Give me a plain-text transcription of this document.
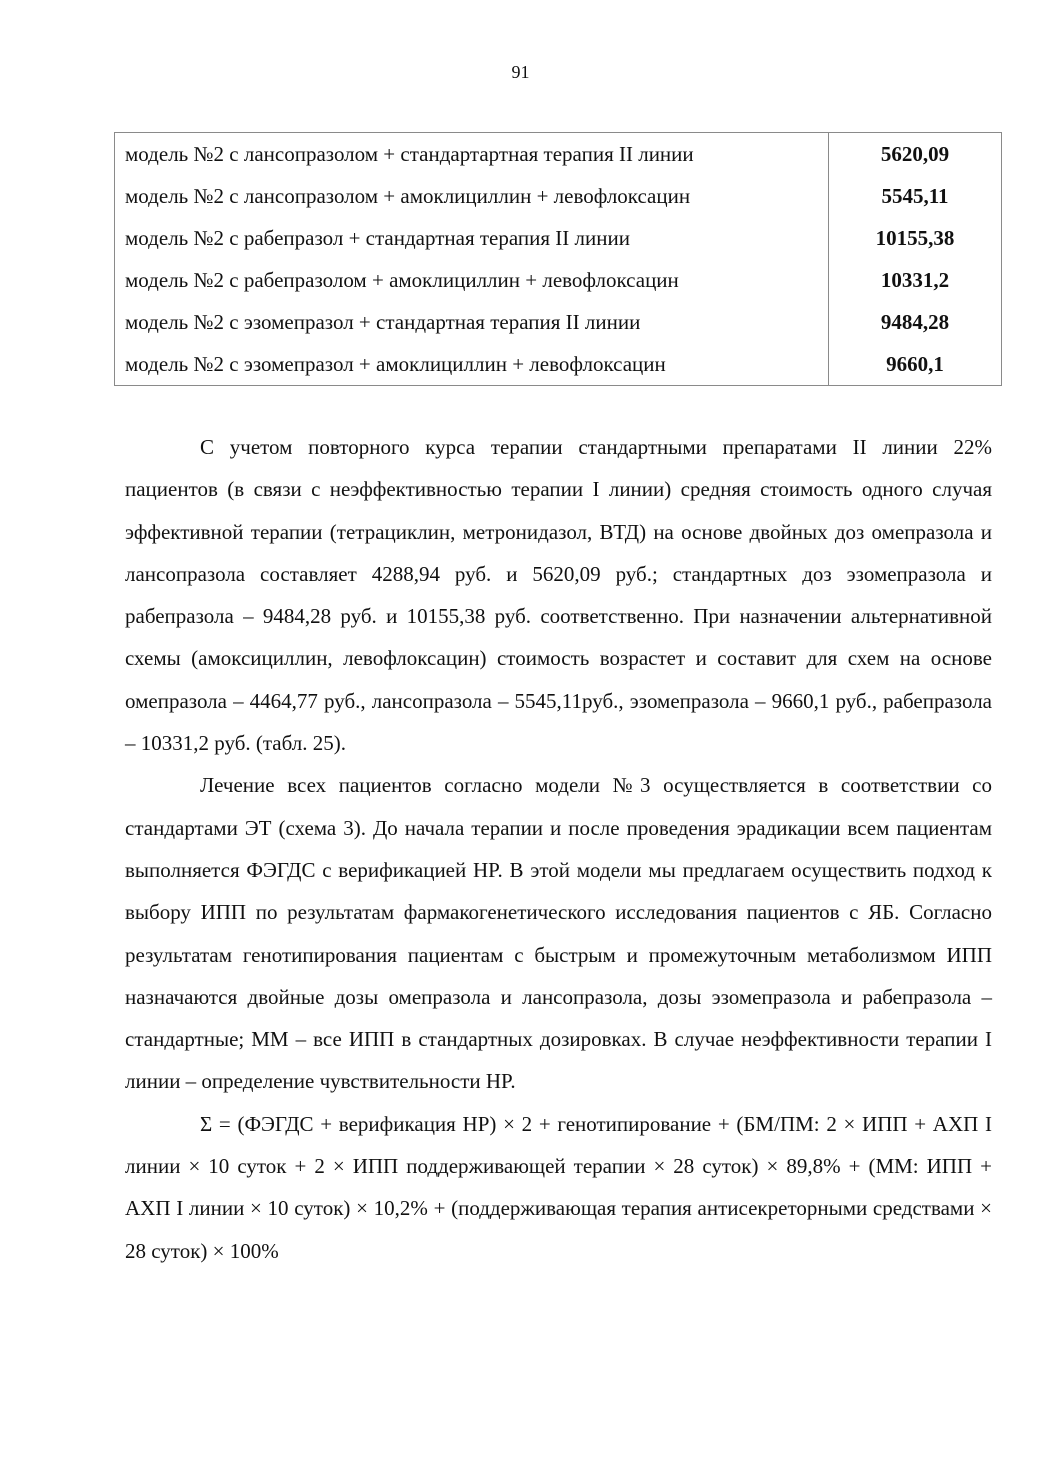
91
модель №2 с лансопразолом + стандартартная терапия II линии	5620,09
модель №2 с лансопразолом + амоклициллин + левофлоксацин	5545,11
модель №2 с рабепразол + стандартная терапия II линии	10155,38
модель №2 с рабепразолом + амоклициллин + левофлоксацин	10331,2
модель №2 с эзомепразол + стандартная терапия II линии	9484,28
модель №2 с эзомепразол + амоклициллин + левофлоксацин	9660,1

С учетом повторного курса терапии стандартными препаратами II линии 22% пациентов (в связи с неэффективностью терапии I линии) средняя стоимость одного случая эффективной терапии (тетрациклин, метронидазол, ВТД) на основе двойных доз омепразола и лансопразола составляет 4288,94 руб. и 5620,09 руб.; стандартных доз эзомепразола и рабепразола – 9484,28 руб. и 10155,38 руб. соответственно. При назначении альтернативной схемы (амоксициллин, левофлоксацин) стоимость возрастет и составит для схем на основе омепразола – 4464,77 руб., лансопразола – 5545,11руб., эзомепразола – 9660,1 руб., рабепразола – 10331,2 руб. (табл. 25).

Лечение всех пациентов согласно модели №3 осуществляется в соответствии со стандартами ЭТ (схема 3). До начала терапии и после проведения эрадикации всем пациентам выполняется ФЭГДС с верификацией HP. В этой модели мы предлагаем осуществить подход к выбору ИПП по результатам фармакогенетического исследования пациентов с ЯБ. Согласно результатам генотипирования пациентам с быстрым и промежуточным метаболизмом ИПП назначаются двойные дозы омепразола и лансопразола, дозы эзомепразола и рабепразола – стандартные; ММ – все ИПП в стандартных дозировках. В случае неэффективности терапии I линии – определение чувствительности HP.

Σ = (ФЭГДС + верификация HP) × 2 + генотипирование + (БМ/ПМ: 2 × ИПП + АХП I линии × 10 суток + 2 × ИПП поддерживающей терапии × 28 суток) × 89,8% + (ММ: ИПП + АХП I линии × 10 суток) × 10,2% + (поддерживающая терапия антисекреторными средствами × 28 суток) × 100%
